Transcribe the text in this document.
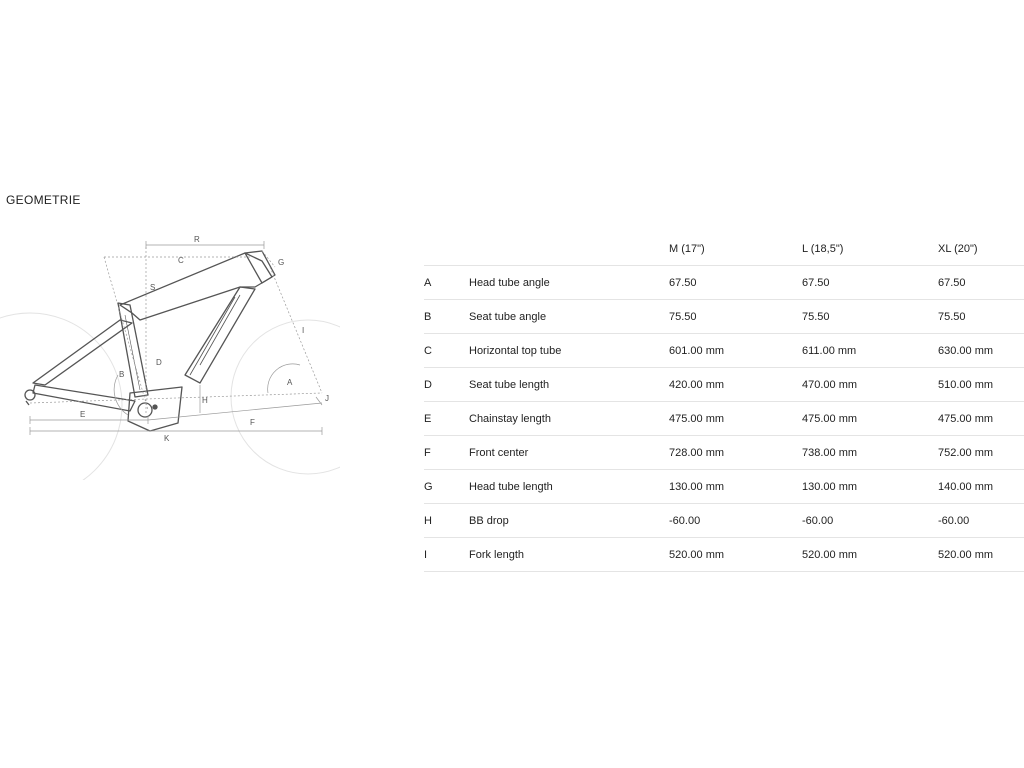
GEOMETRIE
R
C	G
S
I
D
B
A
H	J
E
F
K
		M (17")	L (18,5")	XL (20")
A	Head tube angle	67.50	67.50	67.50
B	Seat tube angle	75.50	75.50	75.50
C	Horizontal top tube	601.00 mm	611.00 mm	630.00 mm
D	Seat tube length	420.00 mm	470.00 mm	510.00 mm
E	Chainstay length	475.00 mm	475.00 mm	475.00 mm
F	Front center	728.00 mm	738.00 mm	752.00 mm
G	Head tube length	130.00 mm	130.00 mm	140.00 mm
H	BB drop	-60.00	-60.00	-60.00
I	Fork length	520.00 mm	520.00 mm	520.00 mm
